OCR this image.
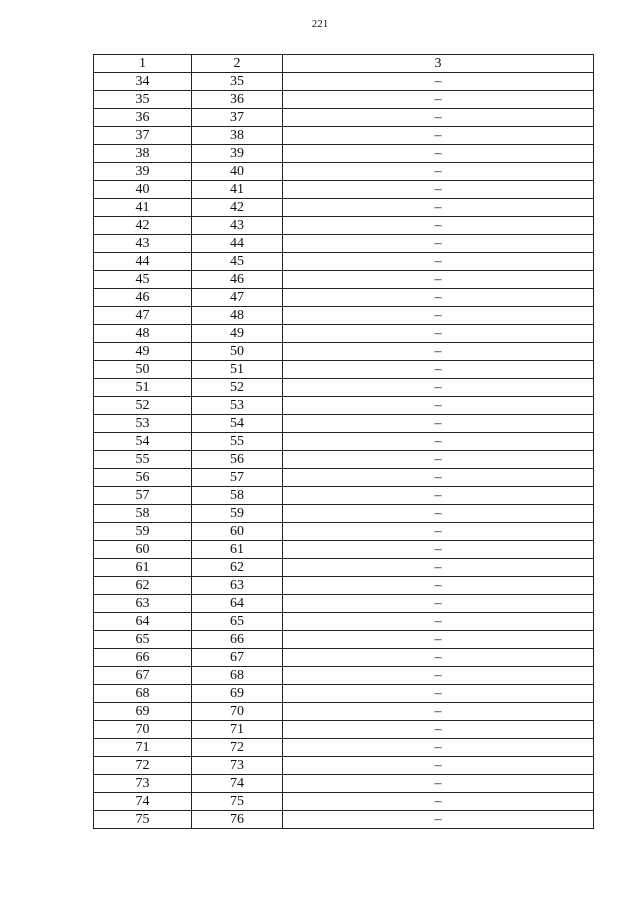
221
1	2	3
34	35	–
35	36	–
36	37	–
37	38	–
38	39	–
39	40	–
40	41	–
41	42	–
42	43	–
43	44	–
44	45	–
45	46	–
46	47	–
47	48	–
48	49	–
49	50	–
50	51	–
51	52	–
52	53	–
53	54	–
54	55	–
55	56	–
56	57	–
57	58	–
58	59	–
59	60	–
60	61	–
61	62	–
62	63	–
63	64	–
64	65	–
65	66	–
66	67	–
67	68	–
68	69	–
69	70	–
70	71	–
71	72	–
72	73	–
73	74	–
74	75	–
75	76	–
